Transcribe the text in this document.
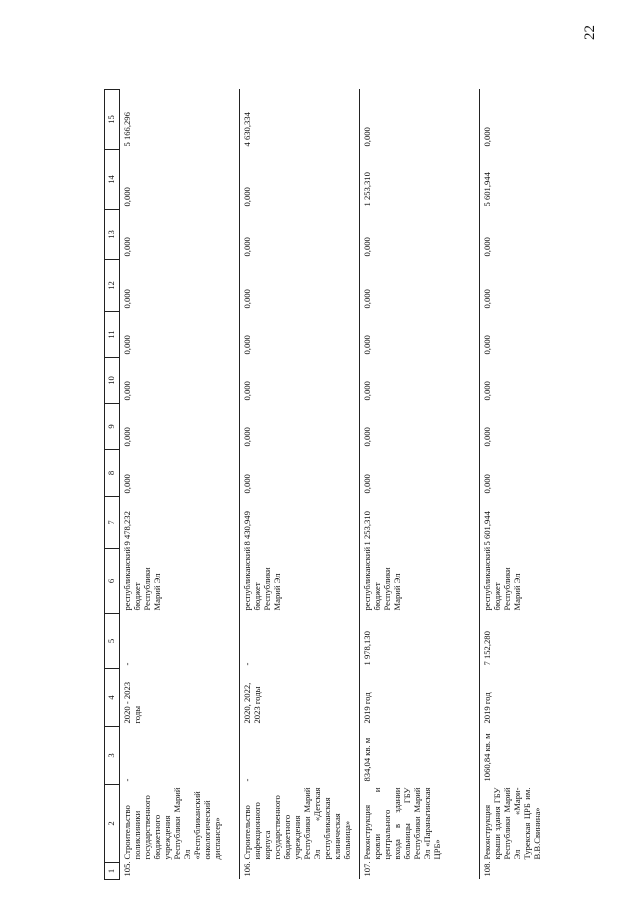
22
1	2	3	4	5	6	7	8	9	10	11	12	13	14	15
105.	Строительство поликлиники государственного бюджетного учреждения Республики Марий Эл «Республиканский онкологический диспансер»	-	2020 - 2023 годы	-	республиканский бюджет Республики Марий Эл	9 478,232	0,000	0,000	0,000	0,000	0,000	0,000	0,000	5 166,296
106.	Строительство инфекционного корпуса государственного бюджетного учреждения Республики Марий Эл «Детская республиканская клиническая больница»	-	2020, 2022, 2023 годы	-	республиканский бюджет Республики Марий Эл	8 430,949	0,000	0,000	0,000	0,000	0,000	0,000	0,000	4 630,334
107.	Реконструкция кровли и центрального входа в здании больницы ГБУ Республики Марий Эл «Параньгинская ЦРБ»	834,04 кв. м	2019 год	1 978,130	республиканский бюджет Республики Марий Эл	1 253,310	0,000	0,000	0,000	0,000	0,000	0,000	1 253,310	0,000
108.	Реконструкция крыши здания ГБУ Республики Марий Эл «Мари-Турекская ЦРБ им. В.В.Свинина»	1060,84 кв. м	2019 год	7 152,280	республиканский бюджет Республики Марий Эл	5 601,944	0,000	0,000	0,000	0,000	0,000	0,000	5 601,944	0,000
